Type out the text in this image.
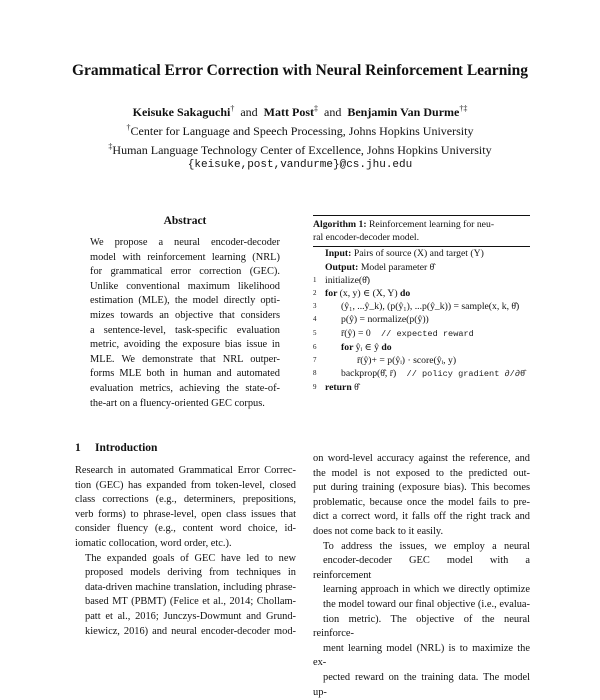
Grammatical Error Correction with Neural Reinforcement Learning
Keisuke Sakaguchi† and Matt Post‡ and Benjamin Van Durme†‡
†Center for Language and Speech Processing, Johns Hopkins University
‡Human Language Technology Center of Excellence, Johns Hopkins University
{keisuke,post,vandurme}@cs.jhu.edu
Abstract
We propose a neural encoder-decoder
model with reinforcement learning (NRL)
for grammatical error correction (GEC).
Unlike conventional maximum likelihood
estimation (MLE), the model directly opti-
mizes towards an objective that considers
a sentence-level, task-specific evaluation
metric, avoiding the exposure bias issue in
MLE. We demonstrate that NRL outper-
forms MLE both in human and automated
evaluation metrics, achieving the state-of-
the-art on a fluency-oriented GEC corpus.
1 Introduction

Research in automated Grammatical Error Correc-
tion (GEC) has expanded from token-level, closed
class corrections (e.g., determiners, prepositions,
verb forms) to phrase-level, open class issues that
consider fluency (e.g., content word choice, id-
iomatic collocation, word order, etc.).

The expanded goals of GEC have led to new
proposed models deriving from techniques in
data-driven machine translation, including phrase-
based MT (PBMT) (Felice et al., 2014; Chollam-
patt et al., 2016; Junczys-Dowmunt and Grund-
kiewicz, 2016) and neural encoder-decoder mod-

Algorithm 1: Reinforcement learning for neu-
ral encoder-decoder model.
Input: Pairs of source (X) and target (Y)
Output: Model parameter θ̂
1 initialize(θ̂)
2 for (x, y) ∈ (X, Y) do
3	(ŷ₁, ...ŷ_k), (p(ŷ₁), ...p(ŷ_k)) = sample(x, k, θ̂)
4	p(ŷ) = normalize(p(ŷ))
5	r̄(ŷ) = 0  // expected reward
6	for ŷᵢ ∈ ŷ do
7	r̄(ŷ)+ = p(ŷᵢ) · score(ŷᵢ, y)
8	backprop(θ̂, r̄)  // policy gradient ∂/∂θ̂
9 return θ̂

on word-level accuracy against the reference, and
the model is not exposed to the predicted out-
put during training (exposure bias). This becomes
problematic, because once the model fails to pre-
dict a correct word, it falls off the right track and
does not come back to it easily.

To address the issues, we employ a neural
encoder-decoder GEC model with a reinforcement
learning approach in which we directly optimize
the model toward our final objective (i.e., evalua-
tion metric). The objective of the neural reinforce-
ment learning model (NRL) is to maximize the ex-
pected reward on the training data. The model up-
